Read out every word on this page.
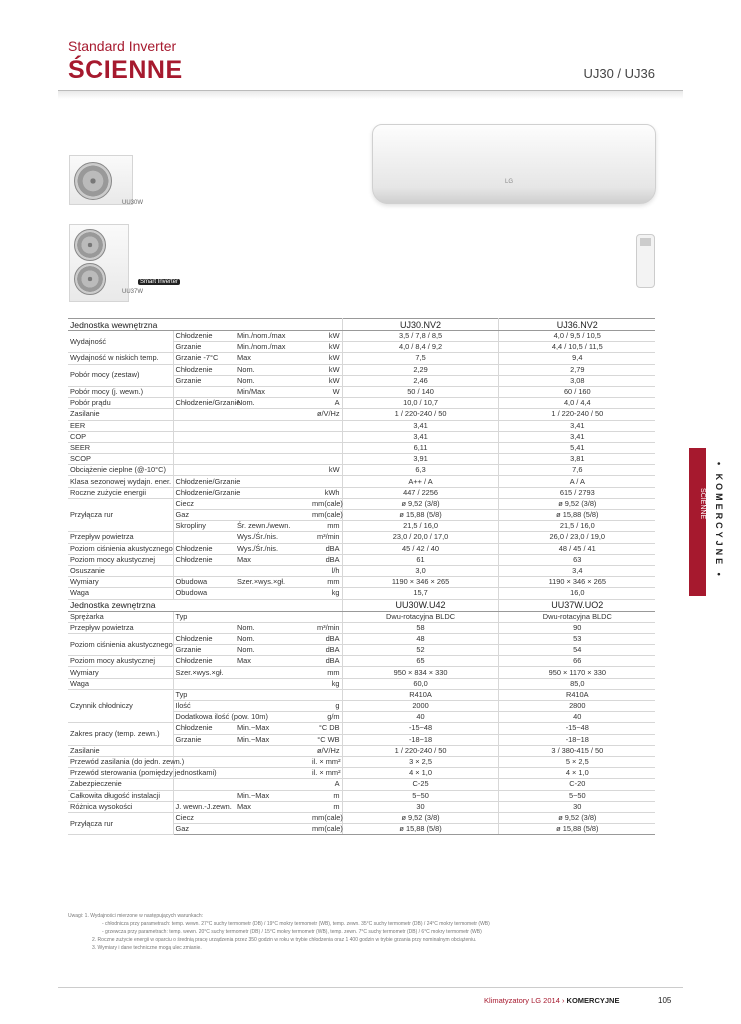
Standard Inverter
ŚCIENNE	UJ30 / UJ36
UU30W
Smart Inverter
UU37W
LG
ŚCIENNE • KOMERCYJNE •
Jednostka wewnętrzna				UJ30.NV2	UJ36.NV2
Wydajność	Chłodzenie	Min./nom./max	kW	3,5 / 7,8 / 8,5	4,0 / 9,5 / 10,5
	Grzanie	Min./nom./max	kW	4,0 / 8,4 / 9,2	4,4 / 10,5 / 11,5
Wydajność w niskich temp.	Grzanie -7°C	Max	kW	7,5	9,4
Pobór mocy (zestaw)	Chłodzenie	Nom.	kW	2,29	2,79
	Grzanie	Nom.	kW	2,46	3,08
Pobór mocy (j. wewn.)		Min/Max	W	50 / 140	60 / 160
Pobór prądu	Chłodzenie/Grzanie	Nom.	A	10,0 / 10,7	4,0 / 4,4
Zasilanie			ø/V/Hz	1 / 220-240 / 50	1 / 220-240 / 50
EER				3,41	3,41
COP				3,41	3,41
SEER				6,11	5,41
SCOP				3,91	3,81
Obciążenie cieplne (@-10°C)			kW	6,3	7,6
Klasa sezonowej wydajn. ener.	Chłodzenie/Grzanie			A++ / A	A / A
Roczne zużycie energii	Chłodzenie/Grzanie		kWh	447 / 2256	615 / 2793
Przyłącza rur	Ciecz		mm(cale)	ø 9,52 (3/8)	ø 9,52 (3/8)
	Gaz		mm(cale)	ø 15,88 (5/8)	ø 15,88 (5/8)
	Skropliny	Śr. zewn./wewn.	mm	21,5 / 16,0	21,5 / 16,0
Przepływ powietrza		Wys./Śr./nis.	m³/min	23,0 / 20,0 / 17,0	26,0 / 23,0 / 19,0
Poziom ciśnienia akustycznego	Chłodzenie	Wys./Śr./nis.	dBA	45 / 42 / 40	48 / 45 / 41
Poziom mocy akustycznej	Chłodzenie	Max	dBA	61	63
Osuszanie			l/h	3,0	3,4
Wymiary	Obudowa	Szer.×wys.×gł.	mm	1190 × 346 × 265	1190 × 346 × 265
Waga	Obudowa		kg	15,7	16,0
Jednostka zewnętrzna				UU30W.U42	UU37W.UO2
Sprężarka	Typ			Dwu-rotacyjna BLDC	Dwu-rotacyjna BLDC
Przepływ powietrza		Nom.	m³/min	58	90
Poziom ciśnienia akustycznego	Chłodzenie	Nom.	dBA	48	53
	Grzanie	Nom.	dBA	52	54
Poziom mocy akustycznej	Chłodzenie	Max	dBA	65	66
Wymiary	Szer.×wys.×gł.		mm	950 × 834 × 330	950 × 1170 × 330
Waga			kg	60,0	85,0
Czynnik chłodniczy	Typ			R410A	R410A
	Ilość		g	2000	2800
	Dodatkowa ilość (pow. 10m)		g/m	40	40
Zakres pracy (temp. zewn.)	Chłodzenie	Min.~Max	°C DB	-15~48	-15~48
	Grzanie	Min.~Max	°C WB	-18~18	-18~18
Zasilanie			ø/V/Hz	1 / 220-240 / 50	3 / 380-415 / 50
Przewód zasilania (do jedn. zewn.)			il. × mm²	3 × 2,5	5 × 2,5
Przewód sterowania (pomiędzy jednostkami)			il. × mm²	4 × 1,0	4 × 1,0
Zabezpieczenie			A	C-25	C-20
Całkowita długość instalacji		Min.~Max	m	5~50	5~50
Różnica wysokości	J. wewn.-J.zewn.	Max	m	30	30
Przyłącza rur	Ciecz		mm(cale)	ø 9,52 (3/8)	ø 9,52 (3/8)
	Gaz		mm(cale)	ø 15,88 (5/8)	ø 15,88 (5/8)
Uwagi: 1. Wydajności mierzone w następujących warunkach:
- chłodnicza przy parametrach: temp. wewn. 27°C suchy termometr (DB) / 19°C mokry termometr (WB), temp. zewn. 35°C suchy termometr (DB) / 24°C mokry termometr (WB)
- grzewcza przy parametrach: temp. wewn. 20°C suchy termometr (DB) / 15°C mokry termometr (WB), temp. zewn. 7°C suchy termometr (DB) / 6°C mokry termometr (WB)
2. Roczne zużycie energii w oparciu o średnią pracę urządzenia przez 350 godzin w roku w trybie chłodzenia oraz 1 400 godzin w trybie grzania przy nominalnym obciążeniu.
3. Wymiary i dane techniczne mogą ulec zmianie.
Klimatyzatory LG 2014 › KOMERCYJNE	105
